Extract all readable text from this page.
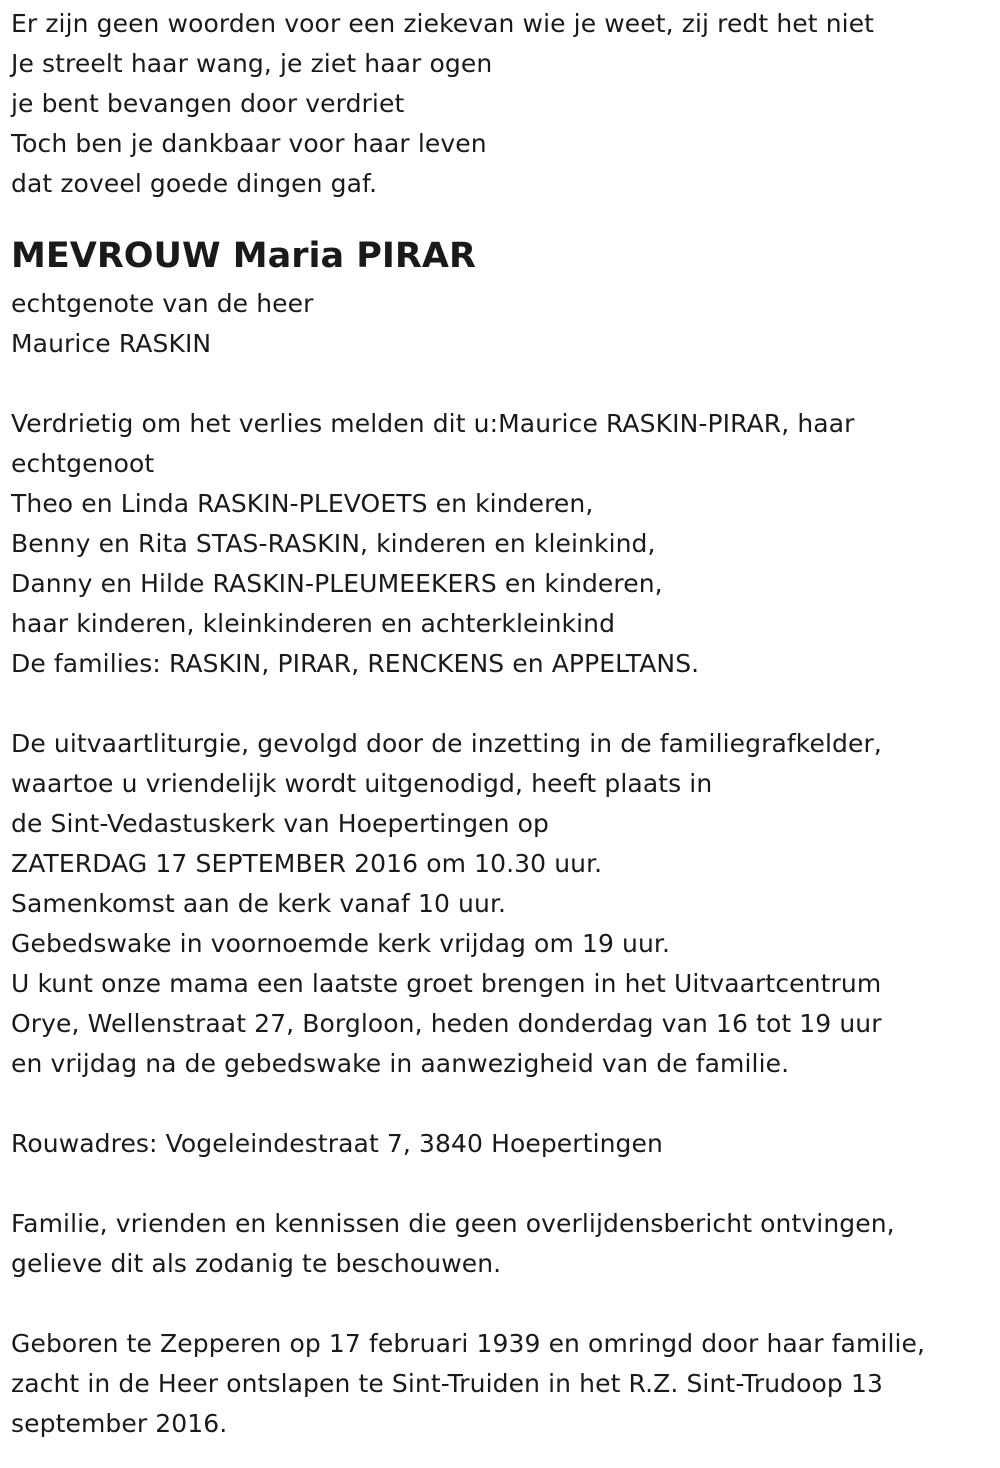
Er zijn geen woorden voor een ziekevan wie je weet, zij redt het niet
Je streelt haar wang, je ziet haar ogen
je bent bevangen door verdriet
Toch ben je dankbaar voor haar leven
dat zoveel goede dingen gaf.
MEVROUW Maria PIRAR
echtgenote van de heer
Maurice RASKIN
Verdrietig om het verlies melden dit u:Maurice RASKIN-PIRAR, haar
echtgenoot
Theo en Linda RASKIN-PLEVOETS en kinderen,
Benny en Rita STAS-RASKIN, kinderen en kleinkind,
Danny en Hilde RASKIN-PLEUMEEKERS en kinderen,
haar kinderen, kleinkinderen en achterkleinkind
De families: RASKIN, PIRAR, RENCKENS en APPELTANS.
De uitvaartliturgie, gevolgd door de inzetting in de familiegrafkelder,
waartoe u vriendelijk wordt uitgenodigd, heeft plaats in
de Sint-Vedastuskerk van Hoepertingen op
ZATERDAG 17 SEPTEMBER 2016 om 10.30 uur.
Samenkomst aan de kerk vanaf 10 uur.
Gebedswake in voornoemde kerk vrijdag om 19 uur.
U kunt onze mama een laatste groet brengen in het Uitvaartcentrum
Orye, Wellenstraat 27, Borgloon, heden donderdag van 16 tot 19 uur
en vrijdag na de gebedswake in aanwezigheid van de familie.
Rouwadres: Vogeleindestraat 7, 3840 Hoepertingen
Familie, vrienden en kennissen die geen overlijdensbericht ontvingen,
gelieve dit als zodanig te beschouwen.
Geboren te Zepperen op 17 februari 1939 en omringd door haar familie,
zacht in de Heer ontslapen te Sint-Truiden in het R.Z. Sint-Trudoop 13
september 2016.
